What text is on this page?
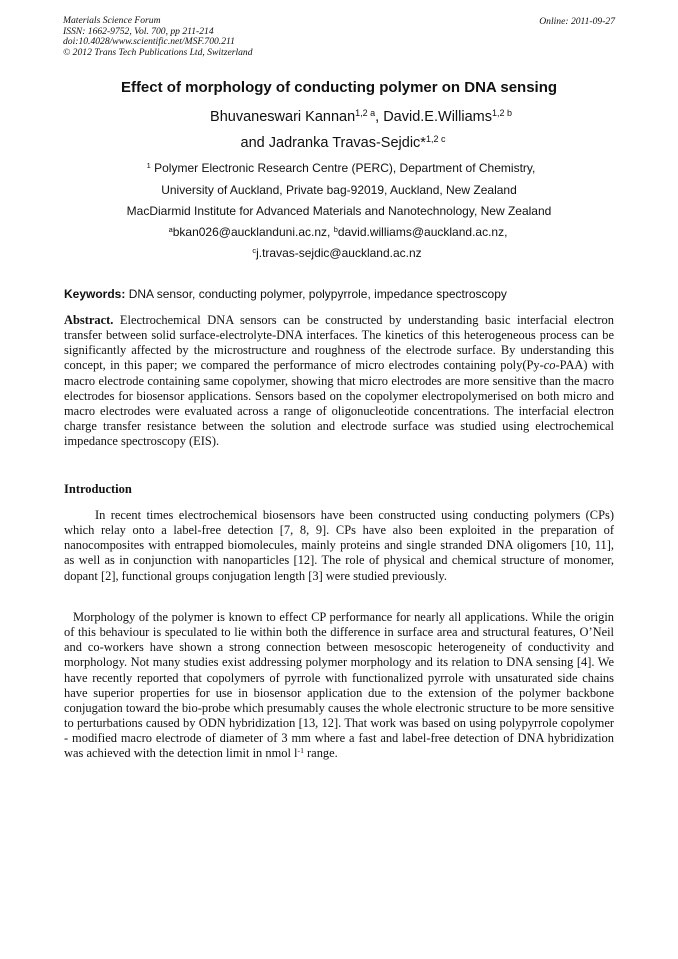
Materials Science Forum
ISSN: 1662-9752, Vol. 700, pp 211-214
doi:10.4028/www.scientific.net/MSF.700.211
© 2012 Trans Tech Publications Ltd, Switzerland
Online: 2011-09-27
Effect of morphology of conducting polymer on DNA sensing
Bhuvaneswari Kannan$^{1,2 a}$, David.E.Williams$^{1,2 b}$
and Jadranka Travas-Sejdic*$^{1,2 c}$
$^1$ Polymer Electronic Research Centre (PERC), Department of Chemistry,
University of Auckland, Private bag-92019, Auckland, New Zealand
MacDiarmid Institute for Advanced Materials and Nanotechnology, New Zealand
$^a$bkan026@aucklanduni.ac.nz, $^b$david.williams@auckland.ac.nz,
$^c$j.travas-sejdic@auckland.ac.nz
Keywords: DNA sensor, conducting polymer, polypyrrole, impedance spectroscopy

Abstract. Electrochemical DNA sensors can be constructed by understanding basic interfacial electron transfer between solid surface-electrolyte-DNA interfaces. The kinetics of this heterogeneous process can be significantly affected by the microstructure and roughness of the electrode surface. By understanding this concept, in this paper; we compared the performance of micro electrodes containing poly(Py-co-PAA) with macro electrode containing same copolymer, showing that micro electrodes are more sensitive than the macro electrodes for biosensor applications. Sensors based on the copolymer electropolymerised on both micro and macro electrodes were evaluated across a range of oligonucleotide concentrations. The interfacial electron charge transfer resistance between the solution and electrode surface was studied using electrochemical impedance spectroscopy (EIS).

Introduction

In recent times electrochemical biosensors have been constructed using conducting polymers (CPs) which relay onto a label-free detection [7, 8, 9]. CPs have also been exploited in the preparation of nanocomposites with entrapped biomolecules, mainly proteins and single stranded DNA oligomers [10, 11], as well as in conjunction with nanoparticles [12]. The role of physical and chemical structure of monomer, dopant [2], functional groups conjugation length [3] were studied previously.

Morphology of the polymer is known to effect CP performance for nearly all applications. While the origin of this behaviour is speculated to lie within both the difference in surface area and structural features, O’Neil and co-workers have shown a strong connection between mesoscopic heterogeneity of conductivity and morphology. Not many studies exist addressing polymer morphology and its relation to DNA sensing [4]. We have recently reported that copolymers of pyrrole with functionalized pyrrole with unsaturated side chains have superior properties for use in biosensor application due to the extension of the polymer backbone conjugation toward the bio-probe which presumably causes the whole electronic structure to be more sensitive to perturbations caused by ODN hybridization [13, 12]. That work was based on using polypyrrole copolymer - modified macro electrode of diameter of 3 mm where a fast and label-free detection of DNA hybridization was achieved with the detection limit in nmol $l^{-1}$ range.
